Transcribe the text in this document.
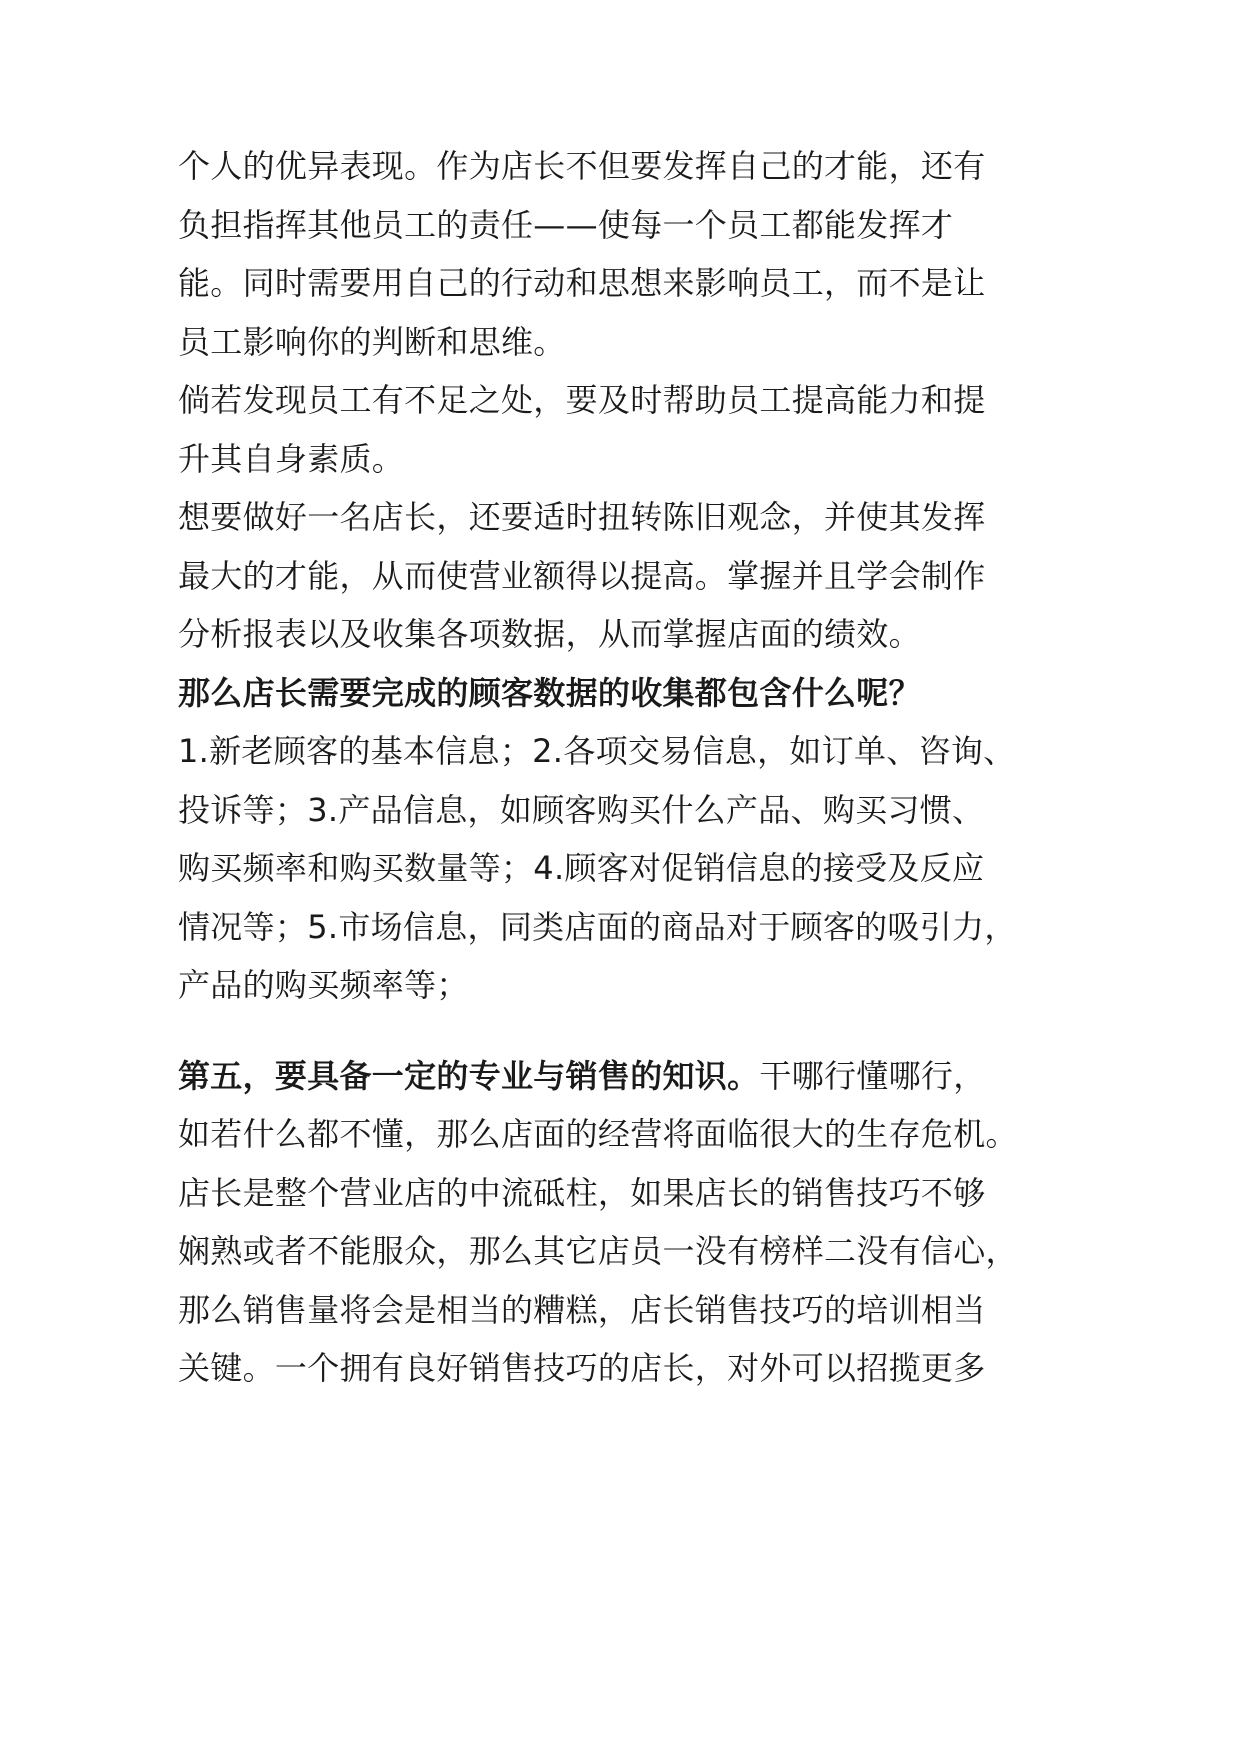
个人的优异表现。作为店长不但要发挥自己的才能，还有
负担指挥其他员工的责任——使每一个员工都能发挥才
能。同时需要用自己的行动和思想来影响员工，而不是让
员工影响你的判断和思维。
倘若发现员工有不足之处，要及时帮助员工提高能力和提
升其自身素质。
想要做好一名店长，还要适时扭转陈旧观念，并使其发挥
最大的才能，从而使营业额得以提高。掌握并且学会制作
分析报表以及收集各项数据，从而掌握店面的绩效。
那么店长需要完成的顾客数据的收集都包含什么呢？
1.新老顾客的基本信息；2.各项交易信息，如订单、咨询、
投诉等；3.产品信息，如顾客购买什么产品、购买习惯、
购买频率和购买数量等；4.顾客对促销信息的接受及反应
情况等；5.市场信息，同类店面的商品对于顾客的吸引力，
产品的购买频率等；
第五，要具备一定的专业与销售的知识。干哪行懂哪行，
如若什么都不懂，那么店面的经营将面临很大的生存危机。
店长是整个营业店的中流砥柱，如果店长的销售技巧不够
娴熟或者不能服众，那么其它店员一没有榜样二没有信心，
那么销售量将会是相当的糟糕，店长销售技巧的培训相当
关键。一个拥有良好销售技巧的店长，对外可以招揽更多
